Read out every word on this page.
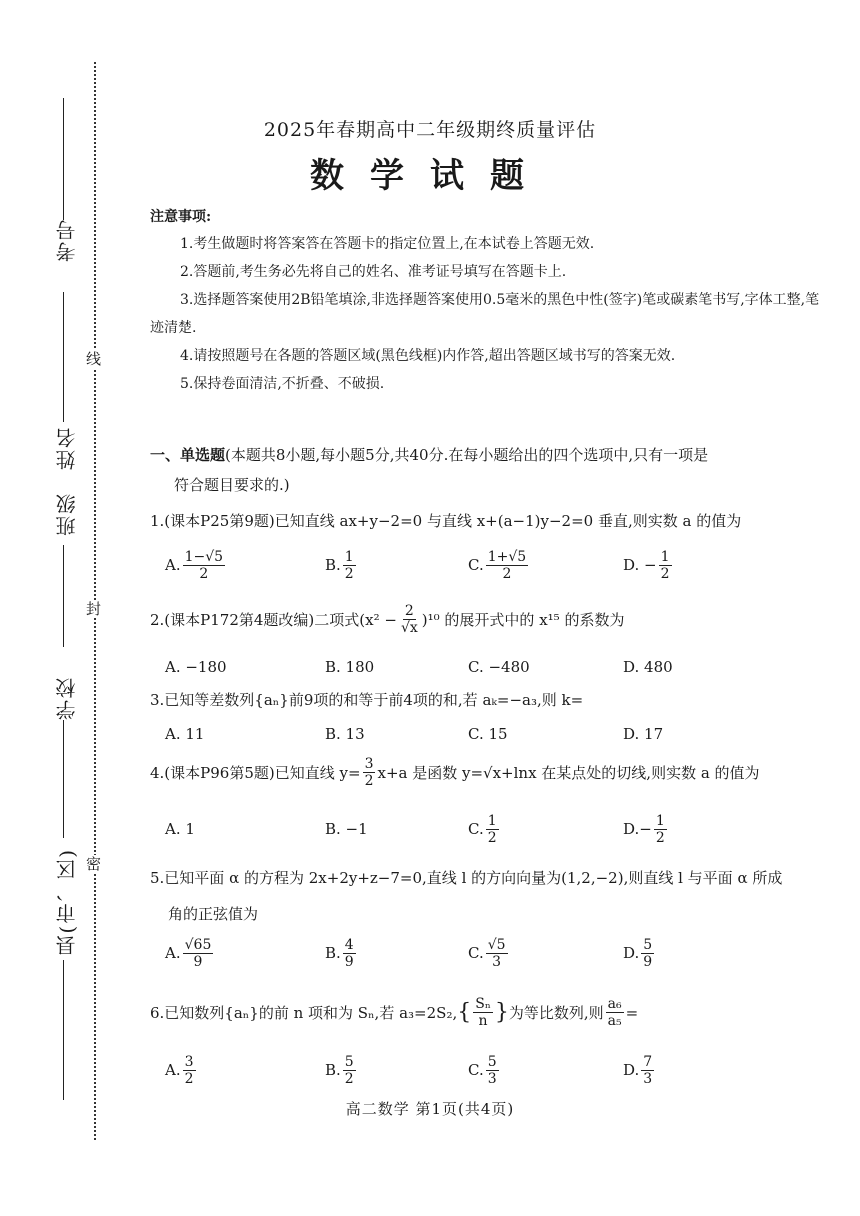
考号
姓名
班级
学校
县(市、区)
线
封
密
2025年春期高中二年级期终质量评估
数学试题
注意事项:

1.考生做题时将答案答在答题卡的指定位置上,在本试卷上答题无效.

2.答题前,考生务必先将自己的姓名、准考证号填写在答题卡上.

3.选择题答案使用2B铅笔填涂,非选择题答案使用0.5毫米的黑色中性(签字)笔或碳素笔书写,字体工整,笔迹清楚.

4.请按照题号在各题的答题区域(黑色线框)内作答,超出答题区域书写的答案无效.

5.保持卷面清洁,不折叠、不破损.

一、单选题(本题共8小题,每小题5分,共40分.在每小题给出的四个选项中,只有一项是

符合题目要求的.)

1.(课本P25第9题)已知直线 ax+y−2=0 与直线 x+(a−1)y−2=0 垂直,则实数 a 的值为
A. $\frac{1-√5}{2}$	B. $\frac{1}{2}$	C. $\frac{1+√5}{2}$	D.
− $\frac{1}{2}$
2.(课本P172第4题改编)二项式$(x^2 - \frac{2}{√x} )^{10}$ 的展开式中的 x¹⁵ 的系数为
A. −180	B. 180	C. −480	D. 480
3.已知等差数列{aₙ}前9项的和等于前4项的和,若 aₖ=−a₃,则 k=
A. 11	B. 13	C. 15	D. 17
4.(课本P96第5题)已知直线 $y= \frac{3}{2} x+a$ 是函数 y=√x+lnx 在某点处的切线,则实数 a 的值为
A. 1	B. −1	C. $\frac{1}{2}$	D. − $\frac{1}{2}$
5.已知平面 α 的方程为 2x+2y+z−7=0,直线 l 的方向向量为(1,2,−2),则直线 l 与平面 α 所成
角的正弦值为
A. $\frac{√65}{9}$	B. $\frac{4}{9}$	C. $\frac{√5}{3}$	D. $\frac{5}{9}$
6.已知数列{aₙ}的前 n 项和为 Sₙ,若 a₃=2S₂, { $\frac{\text{Sₙ}}{n}$ } 为等比数列,则 $\frac{\text{a₆}}{\text{a₅}}$ =
A. $\frac{3}{2}$	B. $\frac{5}{2}$	C. $\frac{5}{3}$	D. $\frac{7}{3}$
高二数学 第1页(共4页)
